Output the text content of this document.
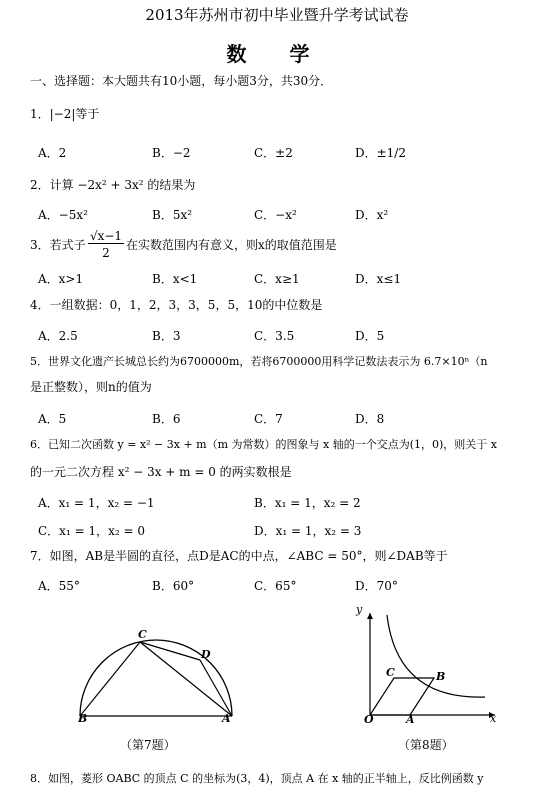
2013年苏州市初中毕业暨升学考试试卷
数 学
一、选择题：本大题共有10小题，每小题3分，共30分．
1．|−2|等于
A．2	B．−2	C．±2	D．±1/2
2．计算 −2x² + 3x² 的结果为
A．−5x²	B．5x²	C．−x²	D．x²
3．若式子
√x−1
2
在实数范围内有意义，则x的取值范围是
A．x>1	B．x<1	C．x≥1	D．x≤1
4．一组数据：0，1，2，3，3，5，5，10的中位数是
A．2.5	B．3	C．3.5	D．5
5．世界文化遗产长城总长约为6700000m，若将6700000用科学记数法表示为 6.7×10ⁿ（n
是正整数），则n的值为
A．5	B．6	C．7	D．8
6．已知二次函数 y = x² − 3x + m（m 为常数）的图象与 x 轴的一个交点为(1，0)，则关于 x
的一元二次方程 x² − 3x + m = 0 的两实数根是
A．x₁ = 1，x₂ = −1	B．x₁ = 1，x₂ = 2
C．x₁ = 1，x₂ = 0	D．x₁ = 1，x₂ = 3
7．如图，AB是半圆的直径，点D是AC的中点，∠ABC = 50°，则∠DAB等于
A．55°	B．60°	C．65°	D．70°
C
D
B	A
（第7题）
y
x
O	A
B
C
（第8题）
8．如图，菱形 OABC 的顶点 C 的坐标为(3，4)，顶点 A 在 x 轴的正半轴上，反比例函数 y
